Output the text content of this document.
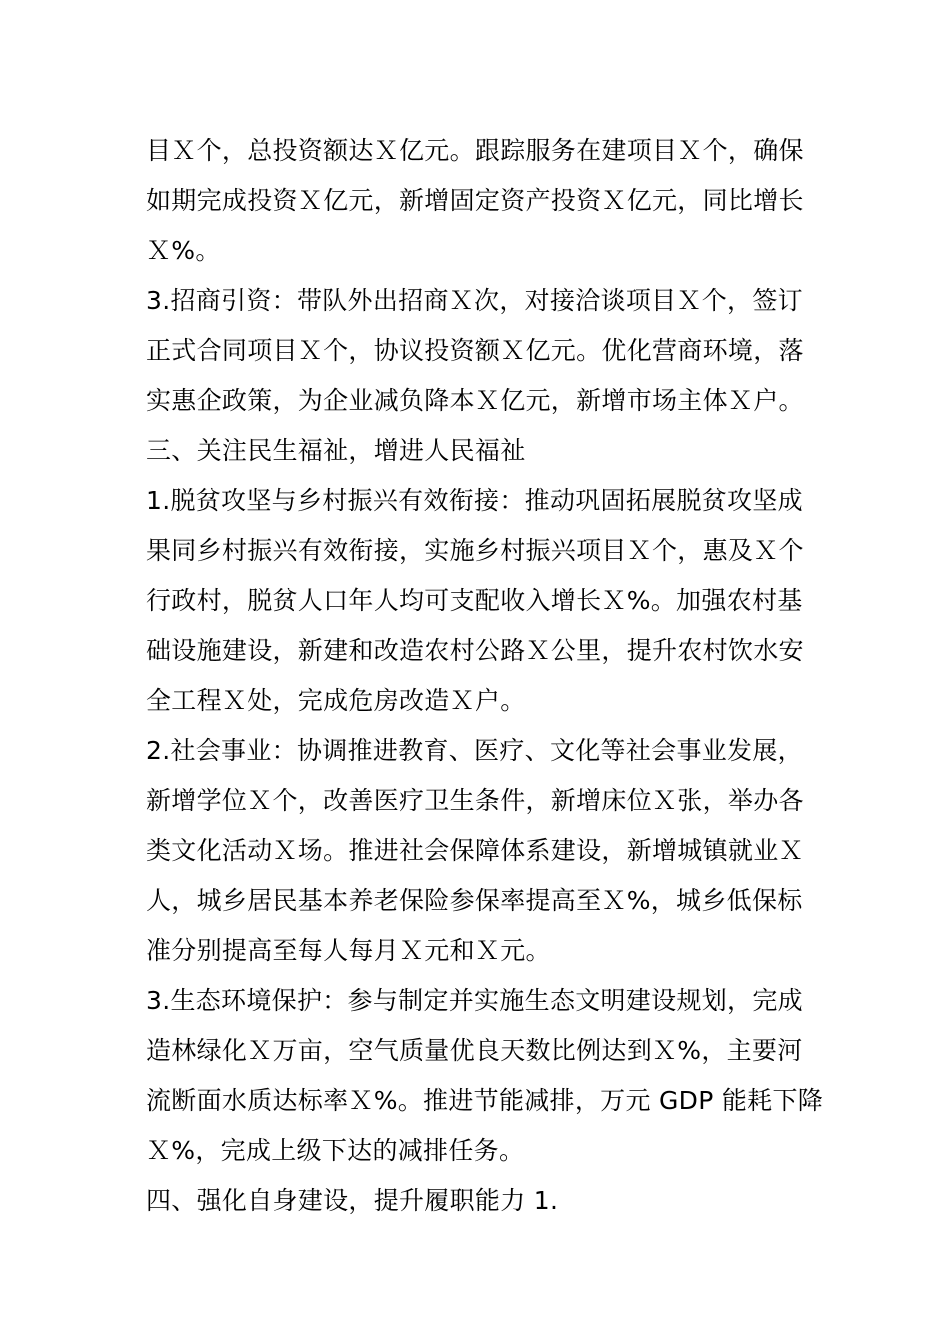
目Ｘ个，总投资额达Ｘ亿元。跟踪服务在建项目Ｘ个，确保
如期完成投资Ｘ亿元，新增固定资产投资Ｘ亿元，同比增长
Ｘ%。
3.招商引资：带队外出招商Ｘ次，对接洽谈项目Ｘ个，签订
正式合同项目Ｘ个，协议投资额Ｘ亿元。优化营商环境，落
实惠企政策，为企业减负降本Ｘ亿元，新增市场主体Ｘ户。
三、关注民生福祉，增进人民福祉
1.脱贫攻坚与乡村振兴有效衔接：推动巩固拓展脱贫攻坚成
果同乡村振兴有效衔接，实施乡村振兴项目Ｘ个，惠及Ｘ个
行政村，脱贫人口年人均可支配收入增长Ｘ%。加强农村基
础设施建设，新建和改造农村公路Ｘ公里，提升农村饮水安
全工程Ｘ处，完成危房改造Ｘ户。
2.社会事业：协调推进教育、医疗、文化等社会事业发展，
新增学位Ｘ个，改善医疗卫生条件，新增床位Ｘ张，举办各
类文化活动Ｘ场。推进社会保障体系建设，新增城镇就业Ｘ
人，城乡居民基本养老保险参保率提高至Ｘ%，城乡低保标
准分别提高至每人每月Ｘ元和Ｘ元。
3.生态环境保护：参与制定并实施生态文明建设规划，完成
造林绿化Ｘ万亩，空气质量优良天数比例达到Ｘ%，主要河
流断面水质达标率Ｘ%。推进节能减排，万元 GDP 能耗下降
Ｘ%，完成上级下达的减排任务。
四、强化自身建设，提升履职能力 1.
